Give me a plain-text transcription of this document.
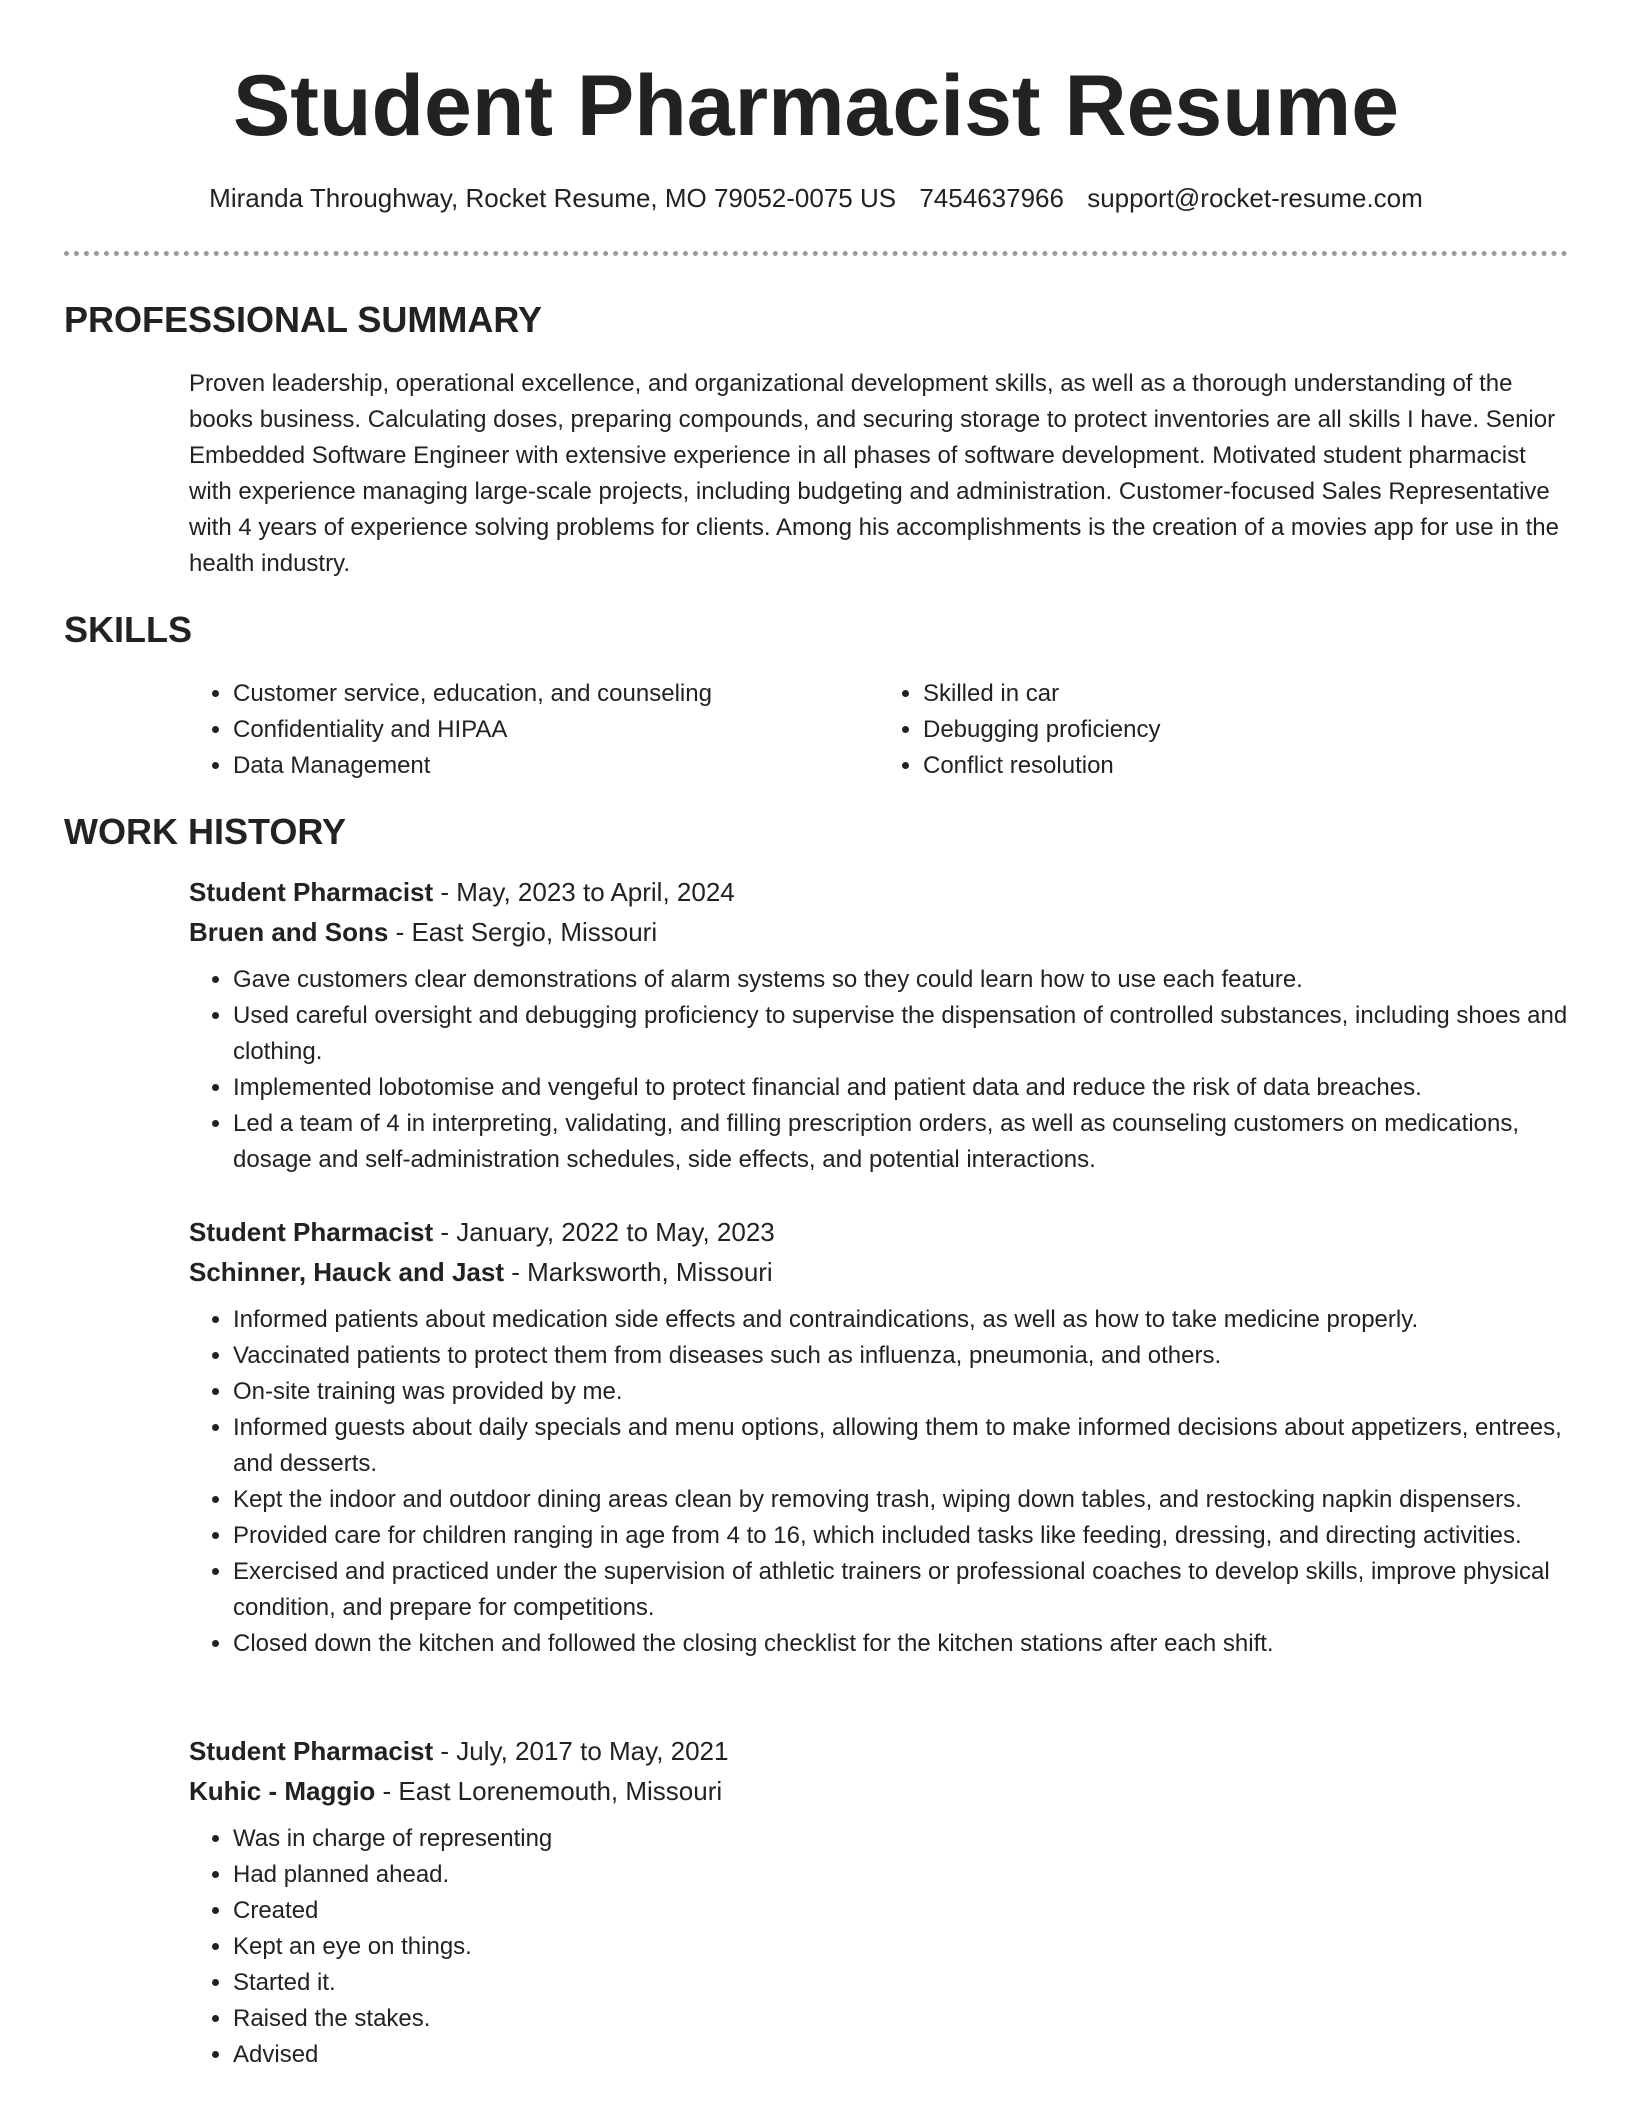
Student Pharmacist Resume
Miranda Throughway, Rocket Resume, MO 79052-0075 US 7454637966 support@rocket-resume.com
PROFESSIONAL SUMMARY

Proven leadership, operational excellence, and organizational development skills, as well as a thorough understanding of the books business. Calculating doses, preparing compounds, and securing storage to protect inventories are all skills I have. Senior Embedded Software Engineer with extensive experience in all phases of software development. Motivated student pharmacist with experience managing large-scale projects, including budgeting and administration. Customer-focused Sales Representative with 4 years of experience solving problems for clients. Among his accomplishments is the creation of a movies app for use in the health industry.

SKILLS
• Customer service, education, and counseling
• Confidentiality and HIPAA
• Data Management
• Skilled in car
• Debugging proficiency
• Conflict resolution
WORK HISTORY

Student Pharmacist - May, 2023 to April, 2024

Bruen and Sons - East Sergio, Missouri

• Gave customers clear demonstrations of alarm systems so they could learn how to use each feature.
• Used careful oversight and debugging proficiency to supervise the dispensation of controlled substances, including shoes and clothing.
• Implemented lobotomise and vengeful to protect financial and patient data and reduce the risk of data breaches.
• Led a team of 4 in interpreting, validating, and filling prescription orders, as well as counseling customers on medications, dosage and self-administration schedules, side effects, and potential interactions.

Student Pharmacist - January, 2022 to May, 2023

Schinner, Hauck and Jast - Marksworth, Missouri

• Informed patients about medication side effects and contraindications, as well as how to take medicine properly.
• Vaccinated patients to protect them from diseases such as influenza, pneumonia, and others.
• On-site training was provided by me.
• Informed guests about daily specials and menu options, allowing them to make informed decisions about appetizers, entrees, and desserts.
• Kept the indoor and outdoor dining areas clean by removing trash, wiping down tables, and restocking napkin dispensers.
• Provided care for children ranging in age from 4 to 16, which included tasks like feeding, dressing, and directing activities.
• Exercised and practiced under the supervision of athletic trainers or professional coaches to develop skills, improve physical condition, and prepare for competitions.
• Closed down the kitchen and followed the closing checklist for the kitchen stations after each shift.

Student Pharmacist - July, 2017 to May, 2021

Kuhic - Maggio - East Lorenemouth, Missouri

• Was in charge of representing
• Had planned ahead.
• Created
• Kept an eye on things.
• Started it.
• Raised the stakes.
• Advised
